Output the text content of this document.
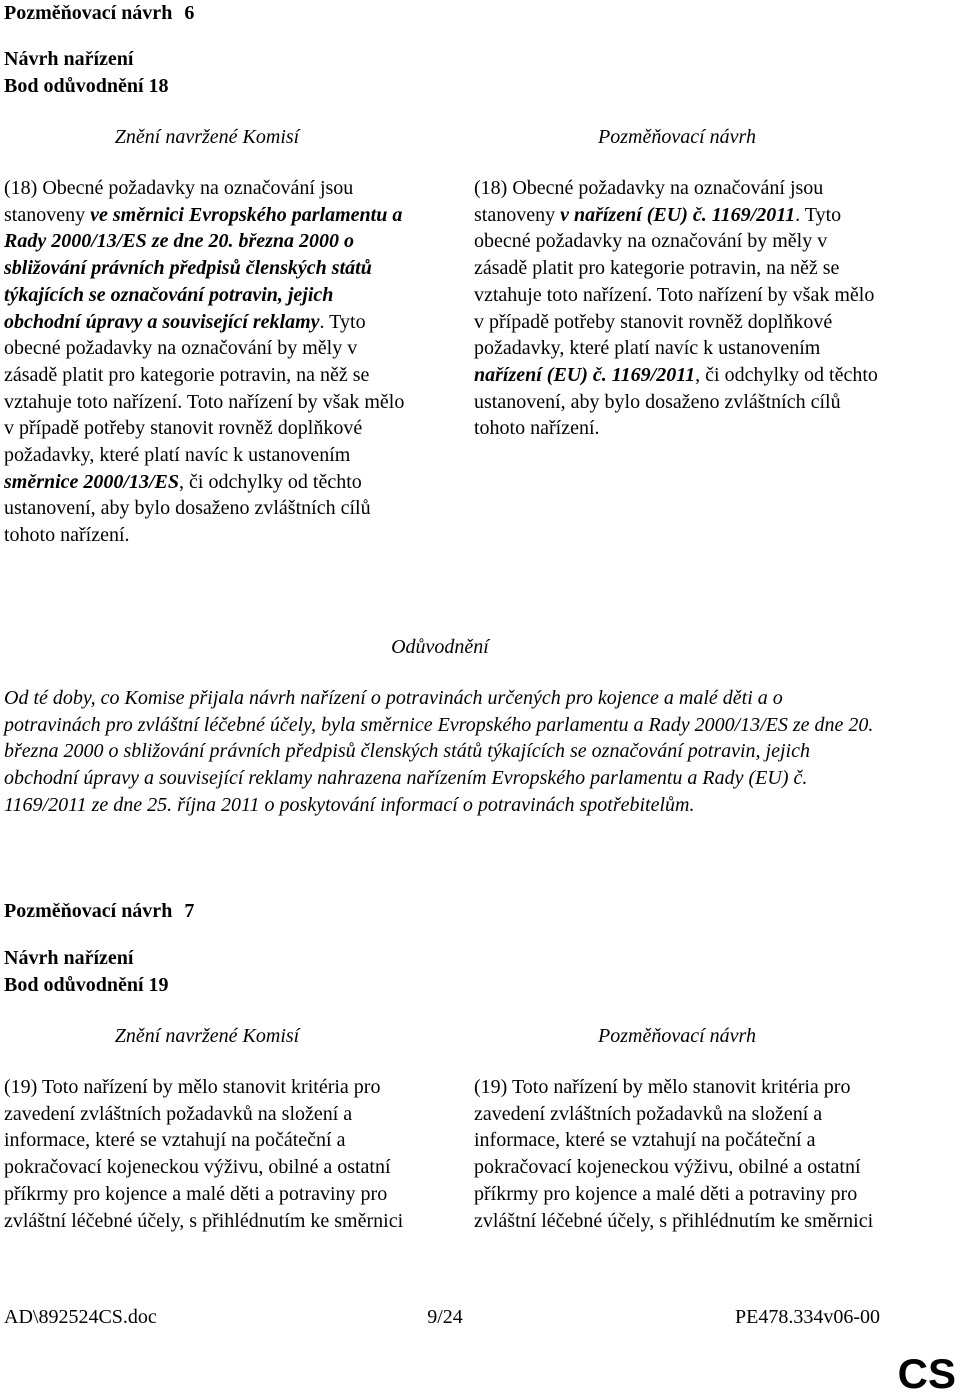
Pozměňovací návrh 6
Návrh nařízení
Bod odůvodnění 18
Znění navržené Komisí	Pozměňovací návrh

(18) Obecné požadavky na označování jsou stanoveny ve směrnici Evropského parlamentu a Rady 2000/13/ES ze dne 20. března 2000 o sbližování právních předpisů členských států týkajících se označování potravin, jejich obchodní úpravy a související reklamy. Tyto obecné požadavky na označování by měly v zásadě platit pro kategorie potravin, na něž se vztahuje toto nařízení. Toto nařízení by však mělo v případě potřeby stanovit rovněž doplňkové požadavky, které platí navíc k ustanovením směrnice 2000/13/ES, či odchylky od těchto ustanovení, aby bylo dosaženo zvláštních cílů tohoto nařízení.

(18) Obecné požadavky na označování jsou stanoveny v nařízení (EU) č. 1169/2011. Tyto obecné požadavky na označování by měly v zásadě platit pro kategorie potravin, na něž se vztahuje toto nařízení. Toto nařízení by však mělo v případě potřeby stanovit rovněž doplňkové požadavky, které platí navíc k ustanovením nařízení (EU) č. 1169/2011, či odchylky od těchto ustanovení, aby bylo dosaženo zvláštních cílů tohoto nařízení.

Odůvodnění

Od té doby, co Komise přijala návrh nařízení o potravinách určených pro kojence a malé děti a o potravinách pro zvláštní léčebné účely, byla směrnice Evropského parlamentu a Rady 2000/13/ES ze dne 20. března 2000 o sbližování právních předpisů členských států týkajících se označování potravin, jejich obchodní úpravy a související reklamy nahrazena nařízením Evropského parlamentu a Rady (EU) č. 1169/2011 ze dne 25. října 2011 o poskytování informací o potravinách spotřebitelům.

Pozměňovací návrh 7
Návrh nařízení
Bod odůvodnění 19
Znění navržené Komisí	Pozměňovací návrh

(19) Toto nařízení by mělo stanovit kritéria pro zavedení zvláštních požadavků na složení a informace, které se vztahují na počáteční a pokračovací kojeneckou výživu, obilné a ostatní příkrmy pro kojence a malé děti a potraviny pro zvláštní léčebné účely, s přihlédnutím ke směrnici

(19) Toto nařízení by mělo stanovit kritéria pro zavedení zvláštních požadavků na složení a informace, které se vztahují na počáteční a pokračovací kojeneckou výživu, obilné a ostatní příkrmy pro kojence a malé děti a potraviny pro zvláštní léčebné účely, s přihlédnutím ke směrnici

AD\892524CS.doc	9/24	PE478.334v06-00
CS
